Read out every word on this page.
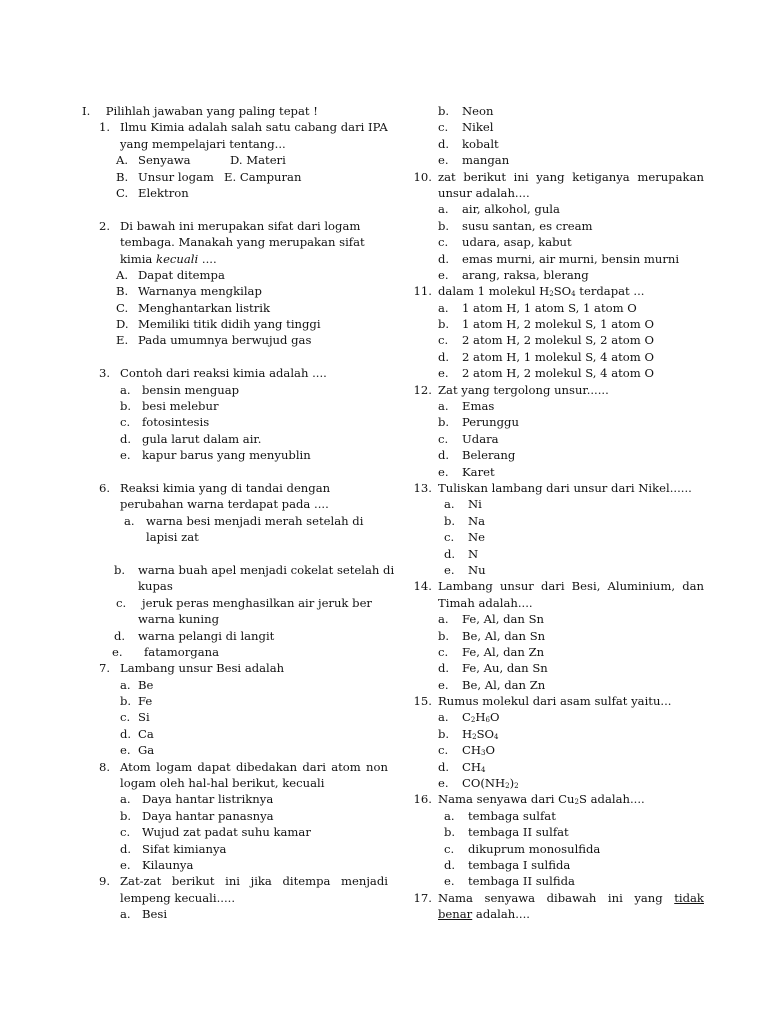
I. Pilihlah jawaban yang paling tepat !
1. Ilmu Kimia adalah salah satu cabang dari IPA
yang mempelajari tentang...
A. Senyawa	D. Materi
B. Unsur logam E. Campuran
C. Elektron
2. Di bawah ini merupakan sifat dari logam
tembaga. Manakah yang merupakan sifat
kimia kecuali ....
A. Dapat ditempa
B. Warnanya mengkilap
C. Menghantarkan listrik
D. Memiliki titik didih yang tinggi
E. Pada umumnya berwujud gas
3. Contoh dari reaksi kimia adalah ....
a. bensin menguap
b. besi melebur
c. fotosintesis
d. gula larut dalam air.
e. kapur barus yang menyublin
6. Reaksi kimia yang di tandai dengan
perubahan warna terdapat pada ....
a. warna besi menjadi merah setelah di
lapisi zat
b. warna buah apel menjadi cokelat setelah di
kupas
c. jeruk peras menghasilkan air jeruk ber
warna kuning
d. warna pelangi di langit
e. fatamorgana
7. Lambang unsur Besi adalah
a. Be
b. Fe
c. Si
d. Ca
e. Ga
8. Atom logam dapat dibedakan dari atom non
logam oleh hal-hal berikut, kecuali
a. Daya hantar listriknya
b. Daya hantar panasnya
c. Wujud zat padat suhu kamar
d. Sifat kimianya
e. Kilaunya
9. Zat-zat berikut ini jika ditempa menjadi
lempeng kecuali.....
a. Besi
b. Neon
c. Nikel
d. kobalt
e. mangan
10. zat berikut ini yang ketiganya merupakan
unsur adalah....
a. air, alkohol, gula
b. susu santan, es cream
c. udara, asap, kabut
d. emas murni, air murni, bensin murni
e. arang, raksa, blerang
11. dalam 1 molekul H2SO4 terdapat ...
a. 1 atom H, 1 atom S, 1 atom O
b. 1 atom H, 2 molekul S, 1 atom O
c. 2 atom H, 2 molekul S, 2 atom O
d. 2 atom H, 1 molekul S, 4 atom O
e. 2 atom H, 2 molekul S, 4 atom O
12. Zat yang tergolong unsur......
a. Emas
b. Perunggu
c. Udara
d. Belerang
e. Karet
13. Tuliskan lambang dari unsur dari Nikel......
a. Ni
b. Na
c. Ne
d. N
e. Nu
14. Lambang unsur dari Besi, Aluminium, dan
Timah adalah....
a. Fe, Al, dan Sn
b. Be, Al, dan Sn
c. Fe, Al, dan Zn
d. Fe, Au, dan Sn
e. Be, Al, dan Zn
15. Rumus molekul dari asam sulfat yaitu...
a. C2H6O
b. H2SO4
c. CH3O
d. CH4
e. CO(NH2)2
16. Nama senyawa dari Cu2S adalah....
a. tembaga sulfat
b. tembaga II sulfat
c. dikuprum monosulfida
d. tembaga I sulfida
e. tembaga II sulfida
17. Nama senyawa dibawah ini yang tidak
benar adalah....
